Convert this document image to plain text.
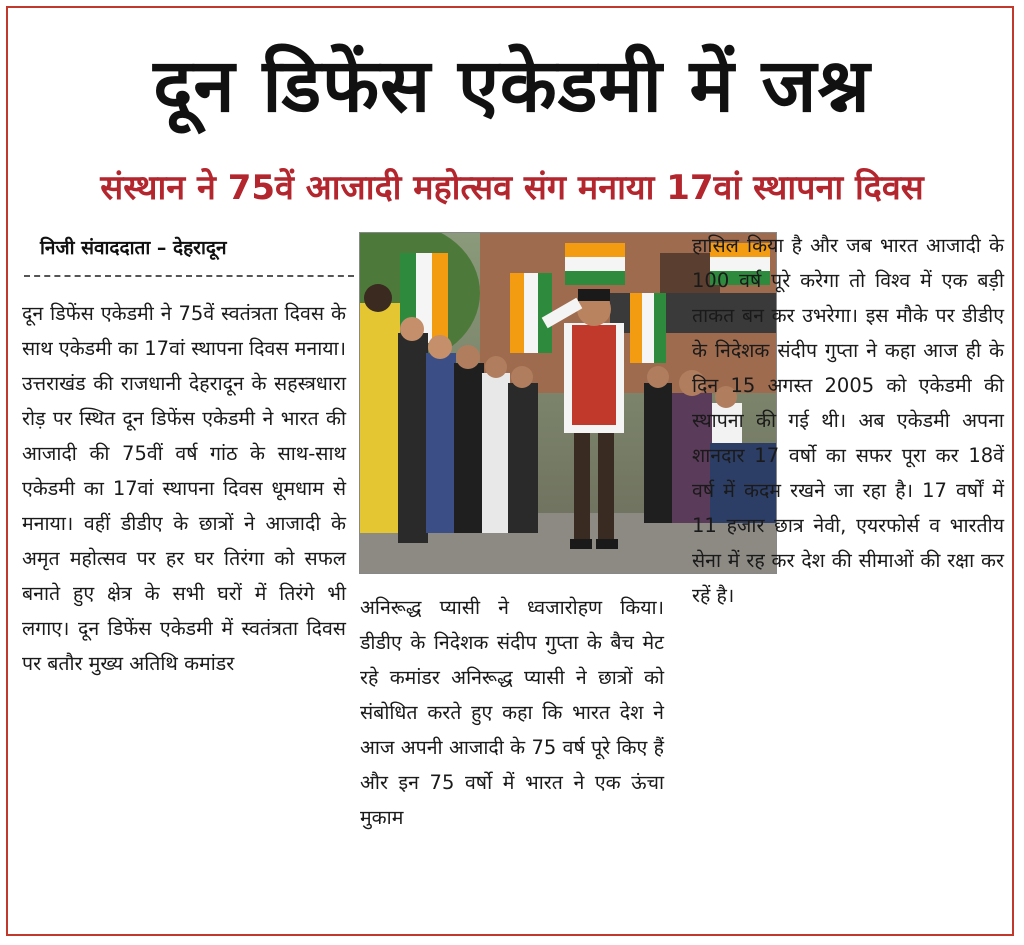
दून डिफेंस एकेडमी में जश्न
संस्थान ने 75वें आजादी महोत्सव संग मनाया 17वां स्थापना दिवस
निजी संवाददाता – देहरादून

दून डिफेंस एकेडमी ने 75वें स्वतंत्रता दिवस के साथ एकेडमी का 17वां स्थापना दिवस मनाया। उत्तराखंड की राजधानी देहरादून के सहस्त्रधारा रोड़ पर स्थित दून डिफेंस एकेडमी ने भारत की आजादी की 75वीं वर्ष गांठ के साथ-साथ एकेडमी का 17वां स्थापना दिवस धूमधाम से मनाया। वहीं डीडीए के छात्रों ने आजादी के अमृत महोत्सव पर हर घर तिरंगा को सफल बनाते हुए क्षेत्र के सभी घरों में तिरंगे भी लगाए। दून डिफेंस एकेडमी में स्वतंत्रता दिवस पर बतौर मुख्य अतिथि कमांडर

अनिरूद्ध प्यासी ने ध्वजारोहण किया। डीडीए के निदेशक संदीप गुप्ता के बैच मेट रहे कमांडर अनिरूद्ध प्यासी ने छात्रों को संबोधित करते हुए कहा कि भारत देश ने आज अपनी आजादी के 75 वर्ष पूरे किए हैं और इन 75 वर्षो में भारत ने एक ऊंचा मुकाम

हासिल किया है और जब भारत आजादी के 100 वर्ष पूरे करेगा तो विश्व में एक बड़ी ताकत बन कर उभरेगा। इस मौके पर डीडीए के निदेशक संदीप गुप्ता ने कहा आज ही के दिन 15 अगस्त 2005 को एकेडमी की स्थापना की गई थी। अब एकेडमी अपना शानदार 17 वर्षो का सफर पूरा कर 18वें वर्ष में कदम रखने जा रहा है। 17 वर्षों में 11 हजार छात्र नेवी, एयरफोर्स व भारतीय सेना में रह कर देश की सीमाओं की रक्षा कर रहें है।
